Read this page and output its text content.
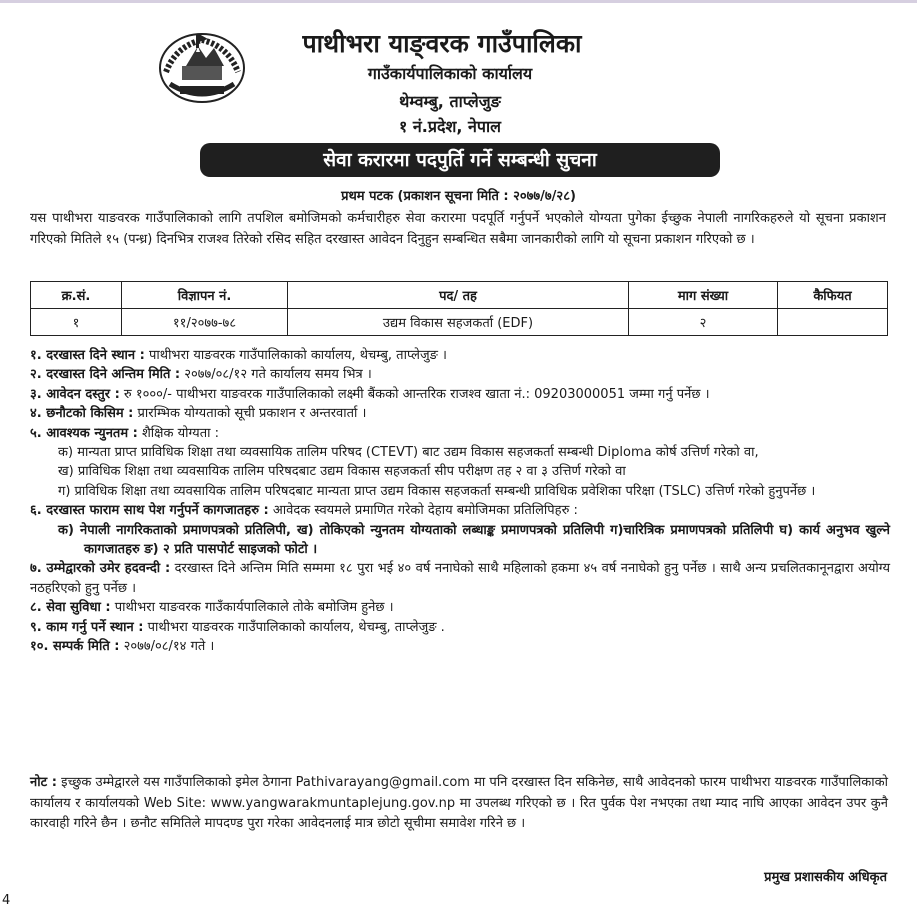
पाथीभरा याङ्वरक गाउँपालिका
गाउँकार्यपालिकाको कार्यालय
थेम्वम्बु, ताप्लेजुङ
१ नं.प्रदेश, नेपाल
सेवा करारमा पदपुर्ति गर्ने सम्बन्धी सुचना
प्रथम पटक (प्रकाशन सूचना मिति : २०७७/७/२८)
यस पाथीभरा याङवरक गाउँपालिकाको लागि तपशिल बमोजिमको कर्मचारीहरु सेवा करारमा पदपूर्ति गर्नुपर्ने भएकोले योग्यता पुगेका ईच्छुक नेपाली नागरिकहरुले यो सूचना प्रकाशन गरिएको मितिले १५ (पन्ध्र) दिनभित्र राजश्व तिरेको रसिद सहित दरखास्त आवेदन दिनुहुन सम्बन्धित सबैमा जानकारीको लागि यो सूचना प्रकाशन गरिएको छ ।
क्र.सं.	विज्ञापन नं.	पद/ तह	माग संख्या	कैफियत
१	११/२०७७-७८	उद्यम विकास सहजकर्ता (EDF)	२	

१. दरखास्त दिने स्थान : पाथीभरा याङवरक गाउँपालिकाको कार्यालय, थेचम्बु, ताप्लेजुङ ।

२. दरखास्त दिने अन्तिम मिति : २०७७/०८/१२ गते कार्यालय समय भित्र ।

३. आवेदन दस्तुर : रु १०००/- पाथीभरा याङवरक गाउँपालिकाको लक्ष्मी बैंकको आन्तरिक राजश्व खाता नं.: 09203000051 जम्मा गर्नु पर्नेछ ।

४. छनौटको किसिम : प्रारम्भिक योग्यताको सूची प्रकाशन र अन्तरवार्ता ।

५. आवश्यक न्युनतम : शैक्षिक योग्यता :

क) मान्यता प्राप्त प्राविधिक शिक्षा तथा व्यवसायिक तालिम परिषद (CTEVT) बाट उद्यम विकास सहजकर्ता सम्बन्धी Diploma कोर्ष उत्तिर्ण गरेको वा,

ख) प्राविधिक शिक्षा तथा व्यवसायिक तालिम परिषदबाट उद्यम विकास सहजकर्ता सीप परीक्षण तह २ वा ३ उत्तिर्ण गरेको वा

ग) प्राविधिक शिक्षा तथा व्यवसायिक तालिम परिषदबाट मान्यता प्राप्त उद्यम विकास सहजकर्ता सम्बन्धी प्राविधिक प्रवेशिका परिक्षा (TSLC) उत्तिर्ण गरेको हुनुपर्नेछ ।

६. दरखास्त फाराम साथ पेश गर्नुपर्ने कागजातहरु : आवेदक स्वयमले प्रमाणित गरेको देहाय बमोजिमका प्रतिलिपिहरु :

क) नेपाली नागरिकताको प्रमाणपत्रको प्रतिलिपी, ख) तोकिएको न्युनतम योग्यताको लब्धाङ्क प्रमाणपत्रको प्रतिलिपी ग)चारित्रिक प्रमाणपत्रको प्रतिलिपी घ) कार्य अनुभव खुल्ने कागजातहरु ङ) २ प्रति पासपोर्ट साइजको फोटो ।

७. उम्मेद्वारको उमेर हदवन्दी : दरखास्त दिने अन्तिम मिति सम्ममा १८ पुरा भई ४० वर्ष ननाघेको साथै महिलाको हकमा ४५ वर्ष ननाघेको हुनु पर्नेछ । साथै अन्य प्रचलितकानूनद्वारा अयोग्य नठहरिएको हुनु पर्नेछ ।

८. सेवा सुविधा : पाथीभरा याङवरक गाउँकार्यपालिकाले तोके बमोजिम हुनेछ ।

९. काम गर्नु पर्ने स्थान : पाथीभरा याङवरक गाउँपालिकाको कार्यालय, थेचम्बु, ताप्लेजुङ .

१०. सम्पर्क मिति : २०७७/०८/१४ गते ।

नोट : इच्छुक उम्मेद्वारले यस गाउँपालिकाको इमेल ठेगाना Pathivarayang@gmail.com मा पनि दरखास्त दिन सकिनेछ, साथै आवेदनको फारम पाथीभरा याङवरक गाउँपालिकाको कार्यालय र कार्यालयको Web Site: www.yangwarakmuntaplejung.gov.np मा उपलब्ध गरिएको छ । रित पुर्वक पेश नभएका तथा म्याद नाघि आएका आवेदन उपर कुनै कारवाही गरिने छैन । छनौट समितिले मापदण्ड पुरा गरेका आवेदनलाई मात्र छोटो सूचीमा समावेश गरिने छ ।
प्रमुख प्रशासकीय अधिकृत
4
